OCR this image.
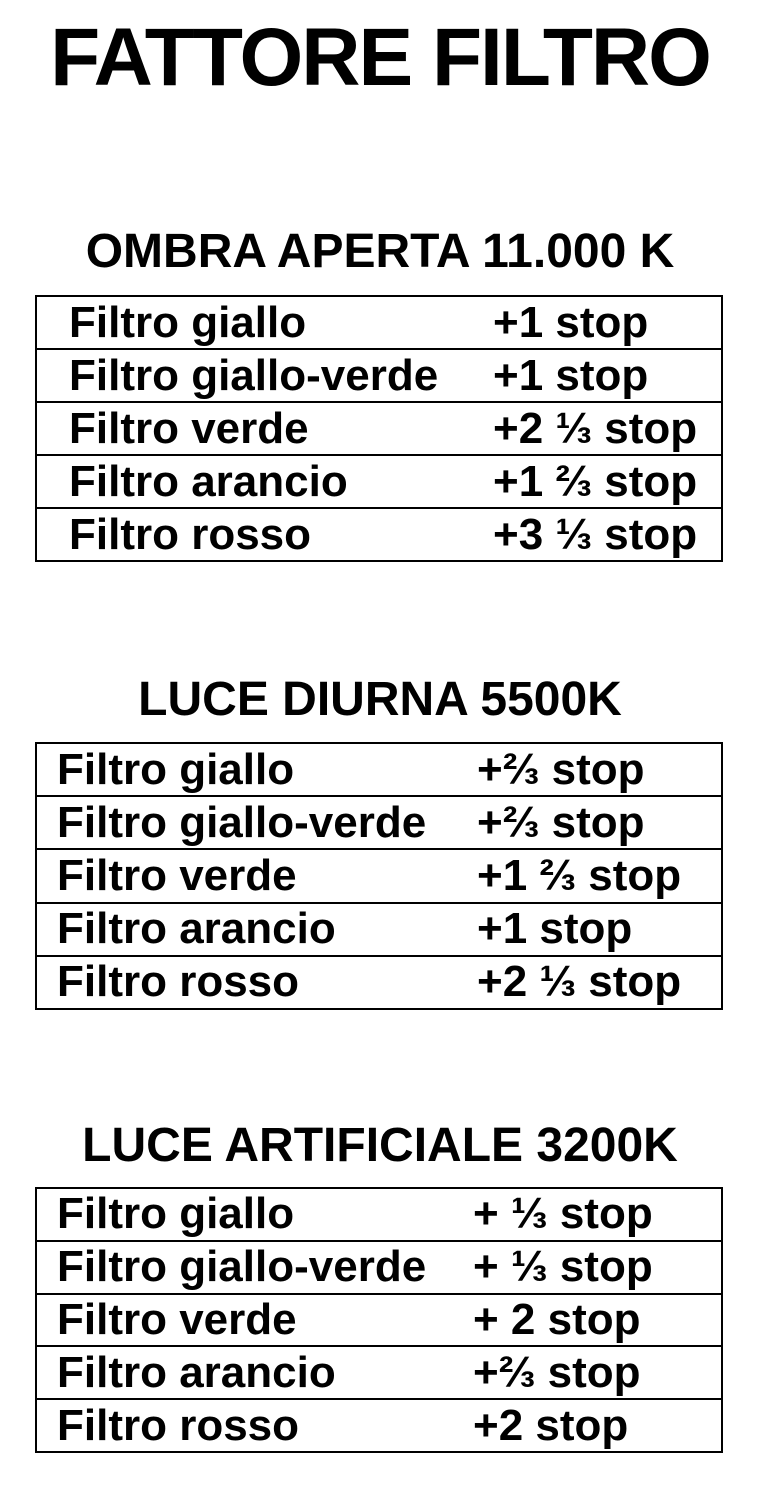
FATTORE FILTRO
OMBRA APERTA 11.000 K
Filtro giallo	+1 stop
Filtro giallo-verde +1 stop
Filtro verde	+2 ⅓ stop
Filtro arancio	+1 ⅔ stop
Filtro rosso	+3 ⅓ stop
LUCE DIURNA 5500K
Filtro giallo	+⅔ stop
Filtro giallo-verde +⅔ stop
Filtro verde	+1 ⅔ stop
Filtro arancio	+1 stop
Filtro rosso	+2 ⅓ stop
LUCE ARTIFICIALE 3200K
Filtro giallo	+ ⅓ stop
Filtro giallo-verde + ⅓ stop
Filtro verde	+ 2 stop
Filtro arancio	+⅔ stop
Filtro rosso	+2 stop
